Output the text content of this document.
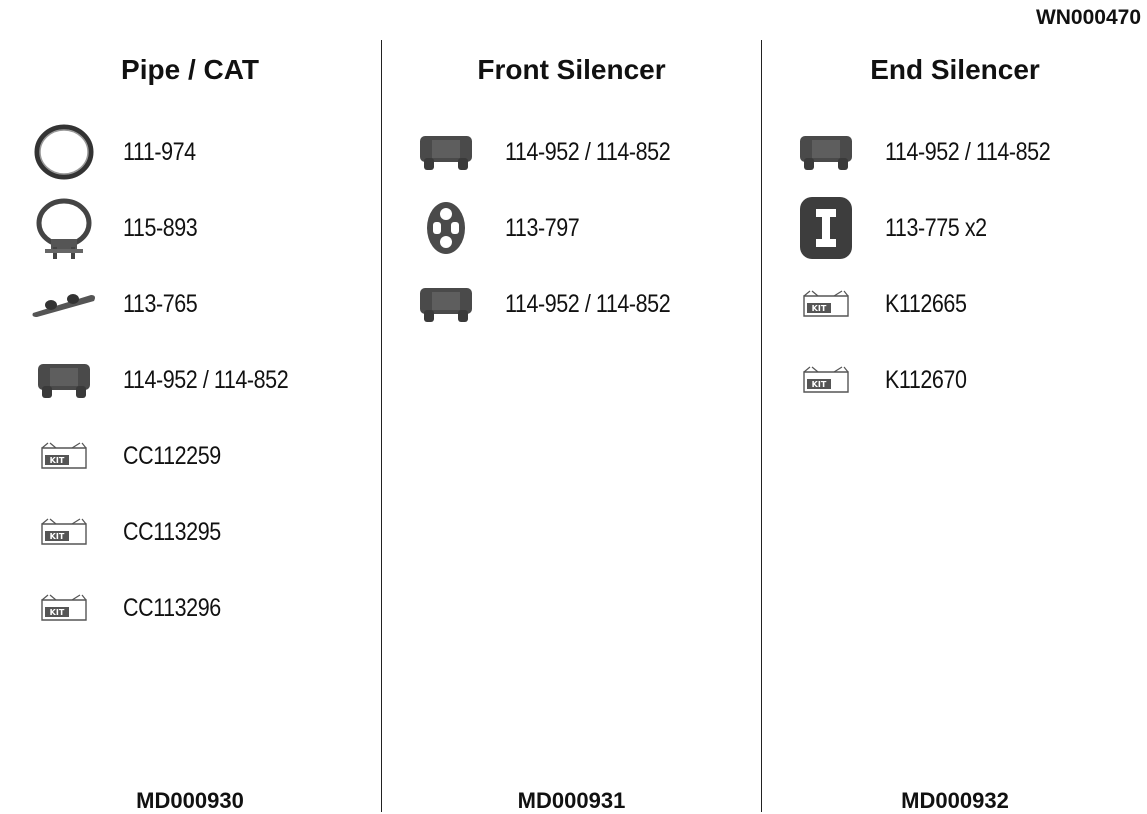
WN000470
Pipe / CAT
111-974
115-893
113-765
114-952 / 114-852
KIT CC112259
KIT CC113295
KIT CC113296
MD000930
Front Silencer
114-952 / 114-852
113-797
114-952 / 114-852
MD000931
End Silencer
114-952 / 114-852
113-775 x2
KIT K112665
KIT K112670
MD000932
